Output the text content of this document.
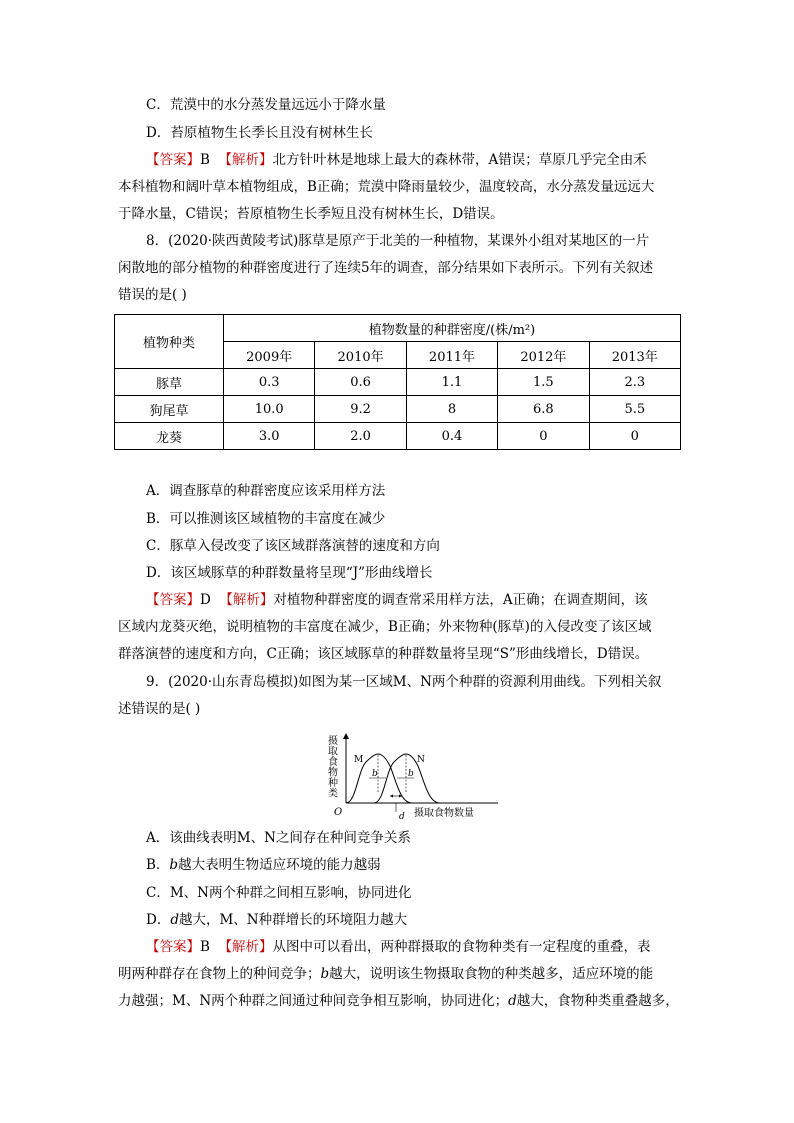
C．荒漠中的水分蒸发量远远小于降水量
D．苔原植物生长季长且没有树林生长
【答案】B 【解析】北方针叶林是地球上最大的森林带，A错误；草原几乎完全由禾
本科植物和阔叶草本植物组成，B正确；荒漠中降雨量较少，温度较高，水分蒸发量远远大
于降水量，C错误；苔原植物生长季短且没有树林生长，D错误。
8．(2020·陕西黄陵考试)豚草是原产于北美的一种植物，某课外小组对某地区的一片
闲散地的部分植物的种群密度进行了连续5年的调查，部分结果如下表所示。下列有关叙述
错误的是( )
植物种类	植物数量的种群密度/(株/m²)				
	2009年	2010年	2011年	2012年	2013年
豚草	0.3	0.6	1.1	1.5	2.3
狗尾草	10.0	9.2	8	6.8	5.5
龙葵	3.0	2.0	0.4	0	0
A．调查豚草的种群密度应该采用样方法
B．可以推测该区域植物的丰富度在减少
C．豚草入侵改变了该区域群落演替的速度和方向
D．该区域豚草的种群数量将呈现“J”形曲线增长
【答案】D 【解析】对植物种群密度的调查常采用样方法，A正确；在调查期间，该
区域内龙葵灭绝，说明植物的丰富度在减少，B正确；外来物种(豚草)的入侵改变了该区域
群落演替的速度和方向，C正确；该区域豚草的种群数量将呈现“S”形曲线增长，D错误。
9．(2020·山东青岛模拟)如图为某一区域M、N两个种群的资源利用曲线。下列相关叙
述错误的是( )
摄取食物种类
O
M	N
b	b
d 摄取食物数量
A．该曲线表明M、N之间存在种间竞争关系
B．b越大表明生物适应环境的能力越弱
C．M、N两个种群之间相互影响，协同进化
D．d越大，M、N种群增长的环境阻力越大
【答案】B 【解析】从图中可以看出，两种群摄取的食物种类有一定程度的重叠，表
明两种群存在食物上的种间竞争；b越大，说明该生物摄取食物的种类越多，适应环境的能
力越强；M、N两个种群之间通过种间竞争相互影响，协同进化；d越大，食物种类重叠越多，
